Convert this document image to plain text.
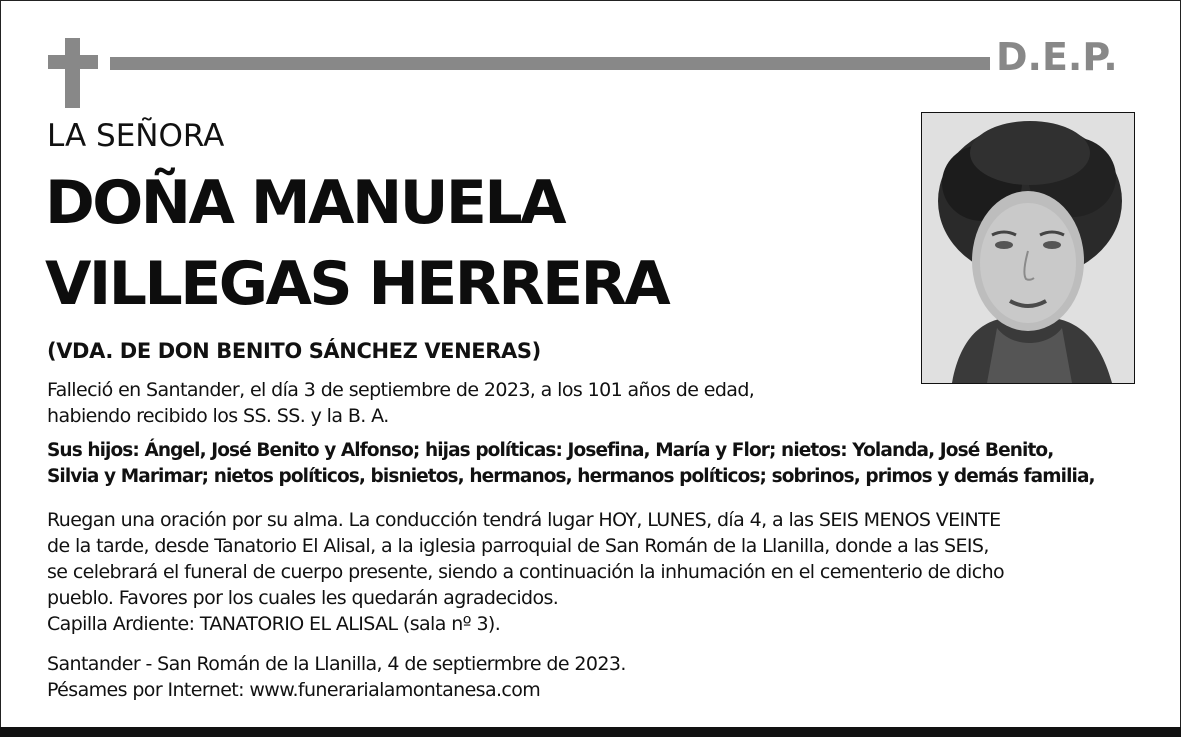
D.E.P.
LA SEÑORA
DOÑA MANUELA
VILLEGAS HERRERA
(VDA. DE DON BENITO SÁNCHEZ VENERAS)
Falleció en Santander, el día 3 de septiembre de 2023, a los 101 años de edad,
habiendo recibido los SS. SS. y la B. A.
Sus hijos: Ángel, José Benito y Alfonso; hijas políticas: Josefina, María y Flor; nietos: Yolanda, José Benito,
Silvia y Marimar; nietos políticos, bisnietos, hermanos, hermanos políticos; sobrinos, primos y demás familia,
Ruegan una oración por su alma. La conducción tendrá lugar HOY, LUNES, día 4, a las SEIS MENOS VEINTE
de la tarde, desde Tanatorio El Alisal, a la iglesia parroquial de San Román de la Llanilla, donde a las SEIS,
se celebrará el funeral de cuerpo presente, siendo a continuación la inhumación en el cementerio de dicho
pueblo. Favores por los cuales les quedarán agradecidos.
Capilla Ardiente: TANATORIO EL ALISAL (sala nº 3).
Santander - San Román de la Llanilla, 4 de septiermbre de 2023.
Pésames por Internet: www.funerarialamontanesa.com
